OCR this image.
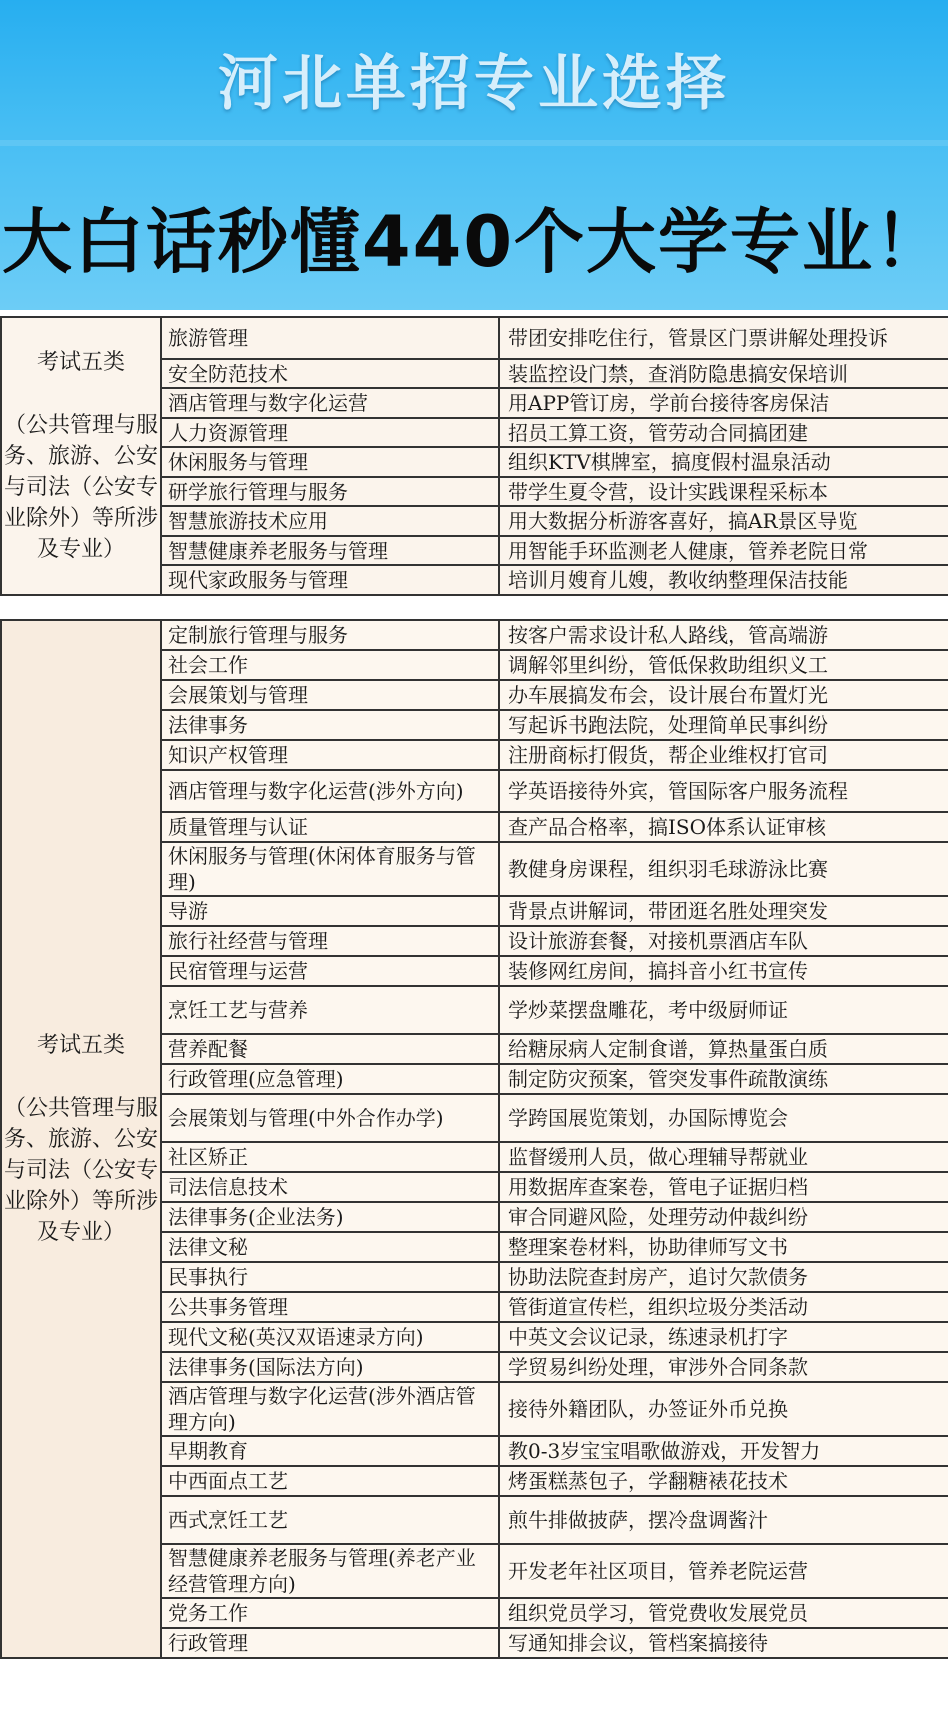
河北单招专业选择
大白话秒懂440个大学专业！
考试五类
（公共管理与服务、旅游、公安与司法（公安专业除外）等所涉及专业）	旅游管理	带团安排吃住行，管景区门票讲解处理投诉
	安全防范技术	装监控设门禁，查消防隐患搞安保培训
	酒店管理与数字化运营	用APP管订房，学前台接待客房保洁
	人力资源管理	招员工算工资，管劳动合同搞团建
	休闲服务与管理	组织KTV棋牌室，搞度假村温泉活动
	研学旅行管理与服务	带学生夏令营，设计实践课程采标本
	智慧旅游技术应用	用大数据分析游客喜好，搞AR景区导览
	智慧健康养老服务与管理	用智能手环监测老人健康，管养老院日常
	现代家政服务与管理	培训月嫂育儿嫂，教收纳整理保洁技能
考试五类
（公共管理与服务、旅游、公安与司法（公安专业除外）等所涉及专业）	定制旅行管理与服务	按客户需求设计私人路线，管高端游
	社会工作	调解邻里纠纷，管低保救助组织义工
	会展策划与管理	办车展搞发布会，设计展台布置灯光
	法律事务	写起诉书跑法院，处理简单民事纠纷
	知识产权管理	注册商标打假货，帮企业维权打官司
	酒店管理与数字化运营(涉外方向)	学英语接待外宾，管国际客户服务流程
	质量管理与认证	查产品合格率，搞ISO体系认证审核
	休闲服务与管理(休闲体育服务与管理)	教健身房课程，组织羽毛球游泳比赛
	导游	背景点讲解词，带团逛名胜处理突发
	旅行社经营与管理	设计旅游套餐，对接机票酒店车队
	民宿管理与运营	装修网红房间，搞抖音小红书宣传
	烹饪工艺与营养	学炒菜摆盘雕花，考中级厨师证
	营养配餐	给糖尿病人定制食谱，算热量蛋白质
	行政管理(应急管理)	制定防灾预案，管突发事件疏散演练
	会展策划与管理(中外合作办学)	学跨国展览策划，办国际博览会
	社区矫正	监督缓刑人员，做心理辅导帮就业
	司法信息技术	用数据库查案卷，管电子证据归档
	法律事务(企业法务)	审合同避风险，处理劳动仲裁纠纷
	法律文秘	整理案卷材料，协助律师写文书
	民事执行	协助法院查封房产，追讨欠款债务
	公共事务管理	管街道宣传栏，组织垃圾分类活动
	现代文秘(英汉双语速录方向)	中英文会议记录，练速录机打字
	法律事务(国际法方向)	学贸易纠纷处理，审涉外合同条款
	酒店管理与数字化运营(涉外酒店管理方向)	接待外籍团队，办签证外币兑换
	早期教育	教0-3岁宝宝唱歌做游戏，开发智力
	中西面点工艺	烤蛋糕蒸包子，学翻糖裱花技术
	西式烹饪工艺	煎牛排做披萨，摆冷盘调酱汁
	智慧健康养老服务与管理(养老产业经营管理方向)	开发老年社区项目，管养老院运营
	党务工作	组织党员学习，管党费收发展党员
	行政管理	写通知排会议，管档案搞接待
